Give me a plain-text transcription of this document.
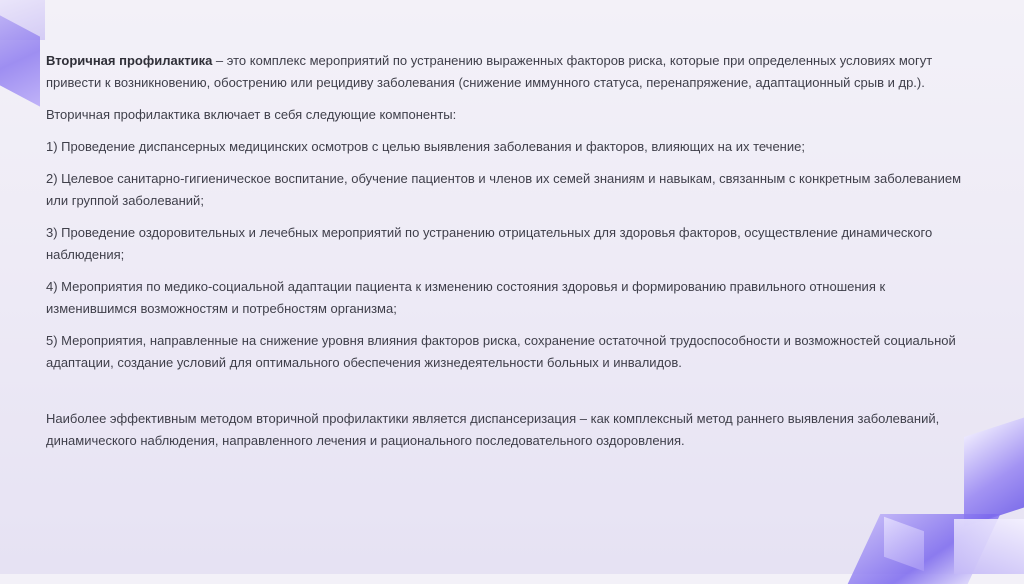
Вторичная профилактика – это комплекс мероприятий по устранению выраженных факторов риска, которые при определенных условиях могут привести к возникновению, обострению или рецидиву заболевания (снижение иммунного статуса, перенапряжение, адаптационный срыв и др.).

Вторичная профилактика включает в себя следующие компоненты:

1) Проведение диспансерных медицинских осмотров с целью выявления заболевания и факторов, влияющих на их течение;

2) Целевое санитарно-гигиеническое воспитание, обучение пациентов и членов их семей знаниям и навыкам, связанным с конкретным заболеванием или группой заболеваний;

3) Проведение оздоровительных и лечебных мероприятий по устранению отрицательных для здоровья факторов, осуществление динамического наблюдения;

4) Мероприятия по медико-социальной адаптации пациента к изменению состояния здоровья и формированию правильного отношения к изменившимся возможностям и потребностям организма;

5) Мероприятия, направленные на снижение уровня влияния факторов риска, сохранение остаточной трудоспособности и возможностей социальной адаптации, создание условий для оптимального обеспечения жизнедеятельности больных и инвалидов.

Наиболее эффективным методом вторичной профилактики является диспансеризация – как комплексный метод раннего выявления заболеваний, динамического наблюдения, направленного лечения и рационального последовательного оздоровления.
